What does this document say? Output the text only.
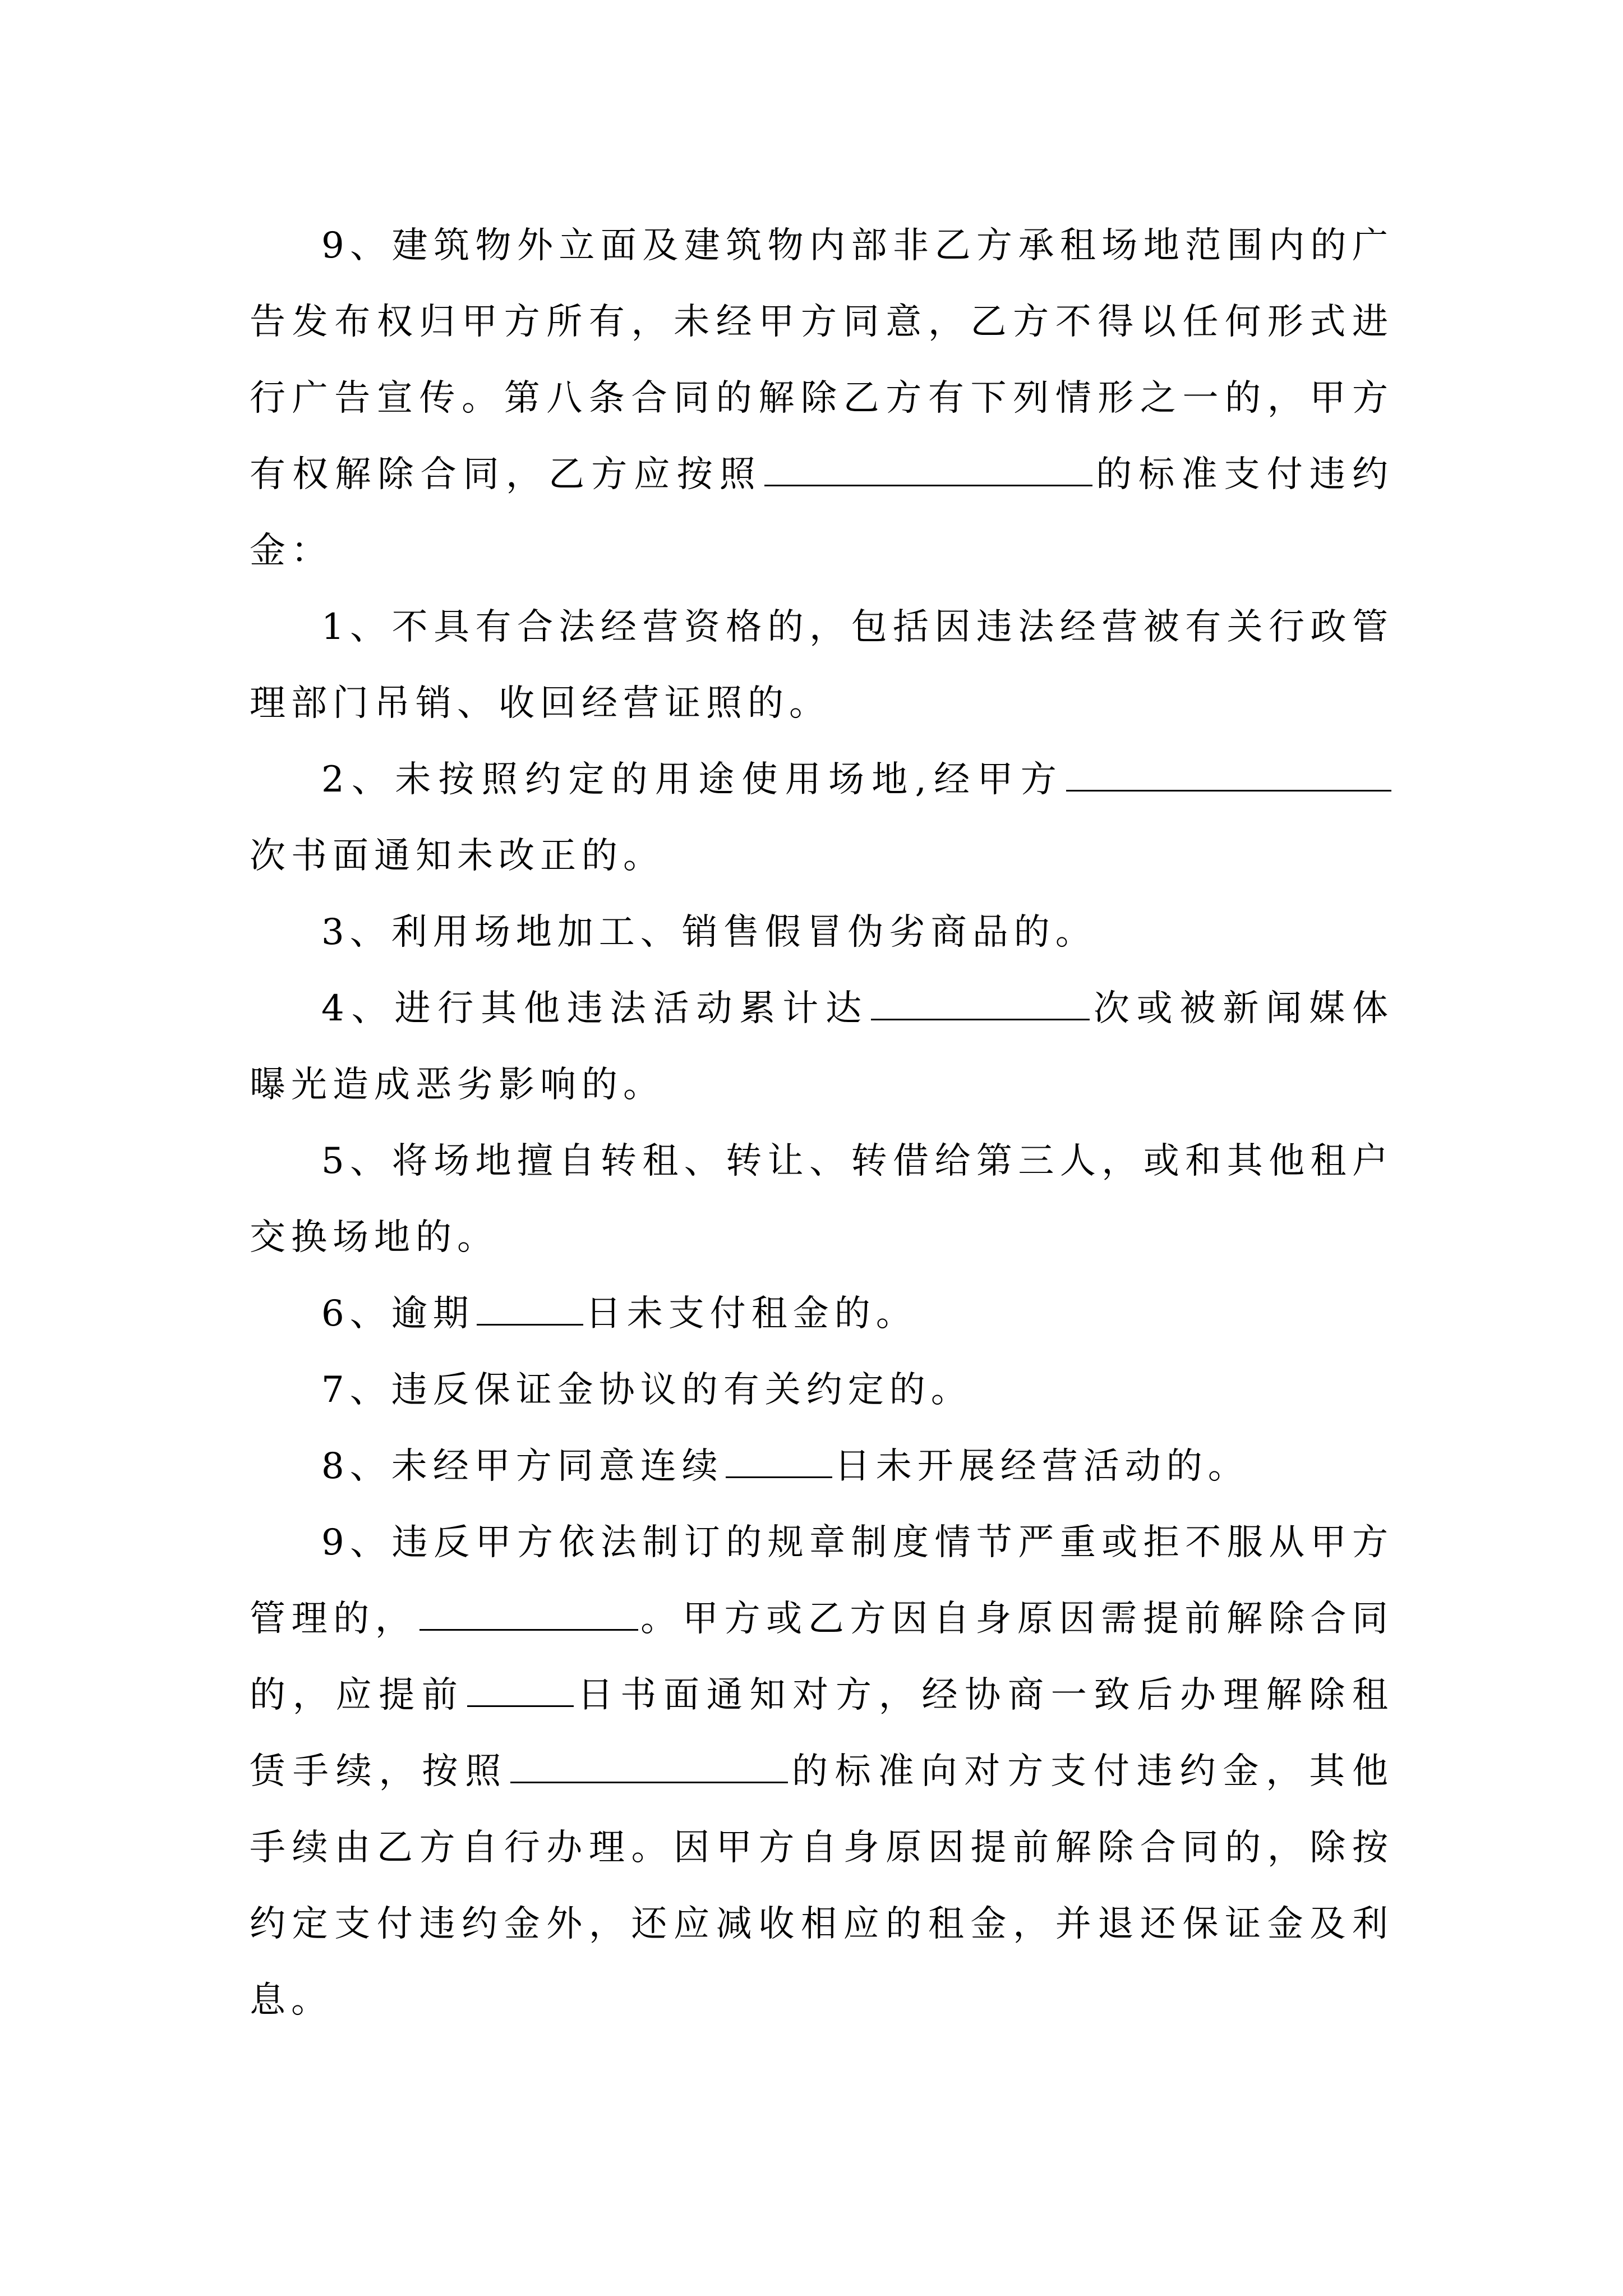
9、建筑物外立面及建筑物内部非乙方承租场地范围内的广告发布权归甲方所有，未经甲方同意，乙方不得以任何形式进行广告宣传。第八条合同的解除乙方有下列情形之一的，甲方有权解除合同，乙方应按照	的标准支付违约金：

1、不具有合法经营资格的，包括因违法经营被有关行政管理部门吊销、收回经营证照的。

2、未按照约定的用途使用场地,经甲方次书面通知未改正的。

3、利用场地加工、销售假冒伪劣商品的。

4、进行其他违法活动累计达	次或被新闻媒体曝光造成恶劣影响的。

5、将场地擅自转租、转让、转借给第三人，或和其他租户交换场地的。

6、逾期	日未支付租金的。

7、违反保证金协议的有关约定的。

8、未经甲方同意连续	日未开展经营活动的。

9、违反甲方依法制订的规章制度情节严重或拒不服从甲方管理的，	。甲方或乙方因自身原因需提前解除合同的，应提前	日书面通知对方，经协商一致后办理解除租赁手续，按照	的标准向对方支付违约金，其他手续由乙方自行办理。因甲方自身原因提前解除合同的，除按约定支付违约金外，还应减收相应的租金，并退还保证金及利息。
